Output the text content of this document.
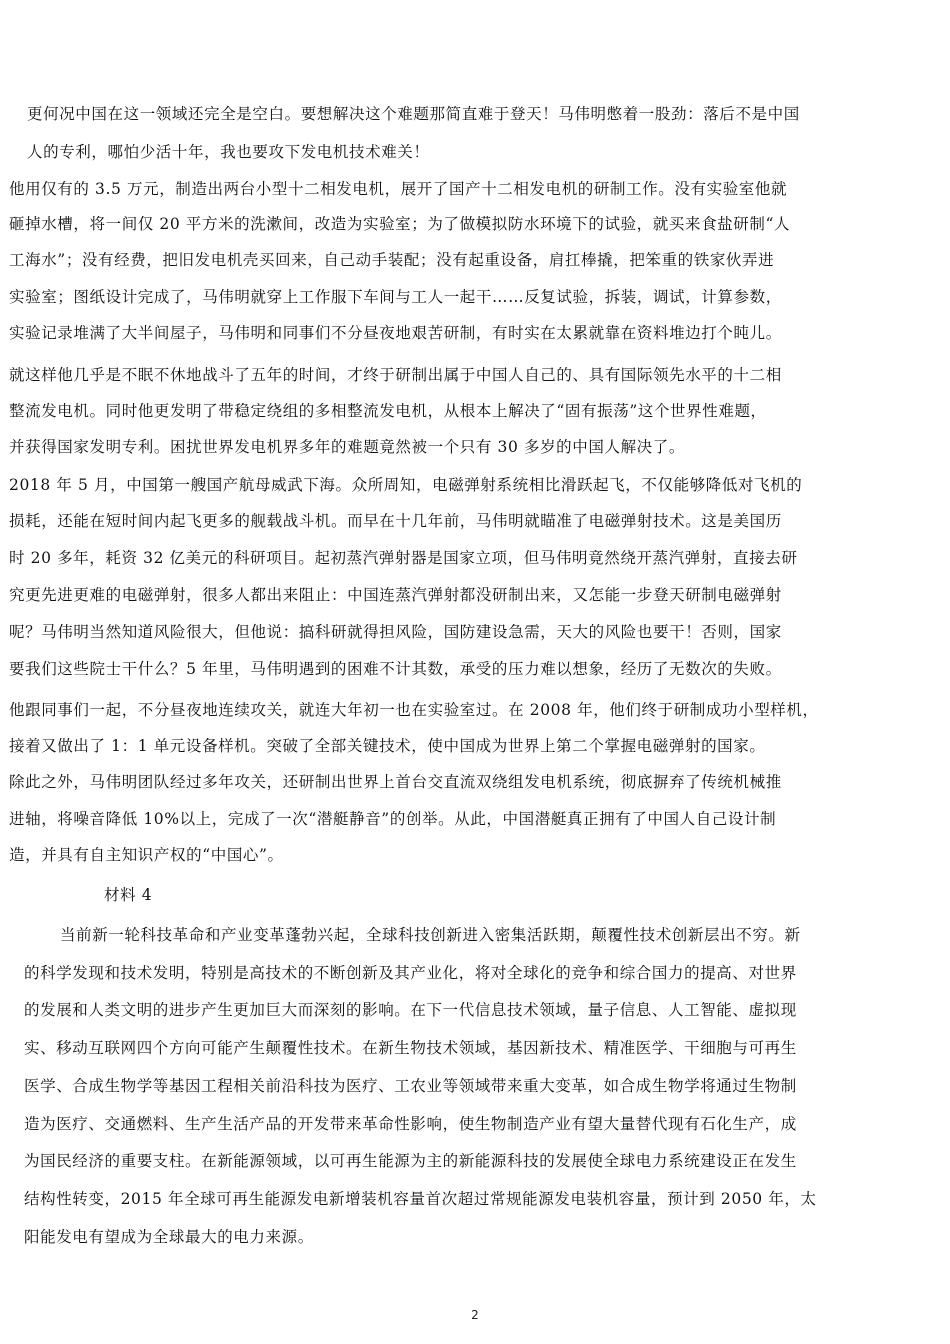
更何况中国在这一领域还完全是空白。要想解决这个难题那简直难于登天！马伟明憋着一股劲：落后不是中国
人的专利，哪怕少活十年，我也要攻下发电机技术难关！
他用仅有的 3.5 万元，制造出两台小型十二相发电机，展开了国产十二相发电机的研制工作。没有实验室他就
砸掉水槽，将一间仅 20 平方米的洗漱间，改造为实验室；为了做模拟防水环境下的试验，就买来食盐研制“人
工海水”；没有经费，把旧发电机壳买回来，自己动手装配；没有起重设备，肩扛棒撬，把笨重的铁家伙弄进
实验室；图纸设计完成了，马伟明就穿上工作服下车间与工人一起干……反复试验，拆装，调试，计算参数，
实验记录堆满了大半间屋子，马伟明和同事们不分昼夜地艰苦研制，有时实在太累就靠在资料堆边打个盹儿。
就这样他几乎是不眠不休地战斗了五年的时间，才终于研制出属于中国人自己的、具有国际领先水平的十二相
整流发电机。同时他更发明了带稳定绕组的多相整流发电机，从根本上解决了“固有振荡”这个世界性难题，
并获得国家发明专利。困扰世界发电机界多年的难题竟然被一个只有 30 多岁的中国人解决了。
2018 年 5 月，中国第一艘国产航母威武下海。众所周知，电磁弹射系统相比滑跃起飞，不仅能够降低对飞机的
损耗，还能在短时间内起飞更多的舰载战斗机。而早在十几年前，马伟明就瞄准了电磁弹射技术。这是美国历
时 20 多年，耗资 32 亿美元的科研项目。起初蒸汽弹射器是国家立项，但马伟明竟然绕开蒸汽弹射，直接去研
究更先进更难的电磁弹射，很多人都出来阻止：中国连蒸汽弹射都没研制出来，又怎能一步登天研制电磁弹射
呢？马伟明当然知道风险很大，但他说：搞科研就得担风险，国防建设急需，天大的风险也要干！否则，国家
要我们这些院士干什么？5 年里，马伟明遇到的困难不计其数，承受的压力难以想象，经历了无数次的失败。
他跟同事们一起，不分昼夜地连续攻关，就连大年初一也在实验室过。在 2008 年，他们终于研制成功小型样机，
接着又做出了 1：1 单元设备样机。突破了全部关键技术，使中国成为世界上第二个掌握电磁弹射的国家。
除此之外，马伟明团队经过多年攻关，还研制出世界上首台交直流双绕组发电机系统，彻底摒弃了传统机械推
进轴，将噪音降低 10%以上，完成了一次“潜艇静音”的创举。从此，中国潜艇真正拥有了中国人自己设计制
造，并具有自主知识产权的“中国心”。
材料 4
当前新一轮科技革命和产业变革蓬勃兴起，全球科技创新进入密集活跃期，颠覆性技术创新层出不穷。新
的科学发现和技术发明，特别是高技术的不断创新及其产业化，将对全球化的竞争和综合国力的提高、对世界
的发展和人类文明的进步产生更加巨大而深刻的影响。在下一代信息技术领域，量子信息、人工智能、虚拟现
实、移动互联网四个方向可能产生颠覆性技术。在新生物技术领域，基因新技术、精准医学、干细胞与可再生
医学、合成生物学等基因工程相关前沿科技为医疗、工农业等领域带来重大变革，如合成生物学将通过生物制
造为医疗、交通燃料、生产生活产品的开发带来革命性影响，使生物制造产业有望大量替代现有石化生产，成
为国民经济的重要支柱。在新能源领域，以可再生能源为主的新能源科技的发展使全球电力系统建设正在发生
结构性转变，2015 年全球可再生能源发电新增装机容量首次超过常规能源发电装机容量，预计到 2050 年，太
阳能发电有望成为全球最大的电力来源。
2
